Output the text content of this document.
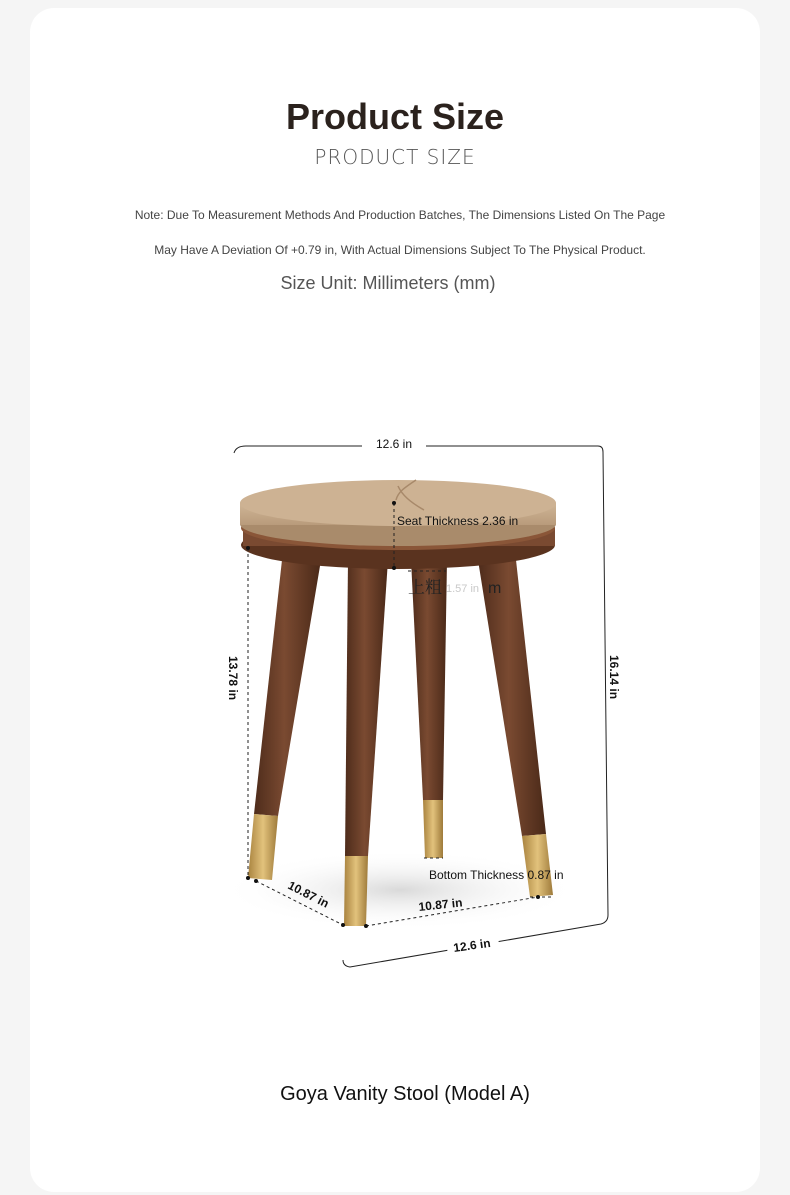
Product Size
PRODUCT SIZE
Note: Due To Measurement Methods And Production Batches, The Dimensions Listed On The Page
May Have A Deviation Of +0.79 in, With Actual Dimensions Subject To The Physical Product.
Size Unit: Millimeters (mm)
12.6 in
Seat Thickness 2.36 in
上粗 1.57 in m
13.78 in	16.14 in
Bottom Thickness 0.87 in
10.87 in	10.87 in
12.6 in
Goya Vanity Stool (Model A)
